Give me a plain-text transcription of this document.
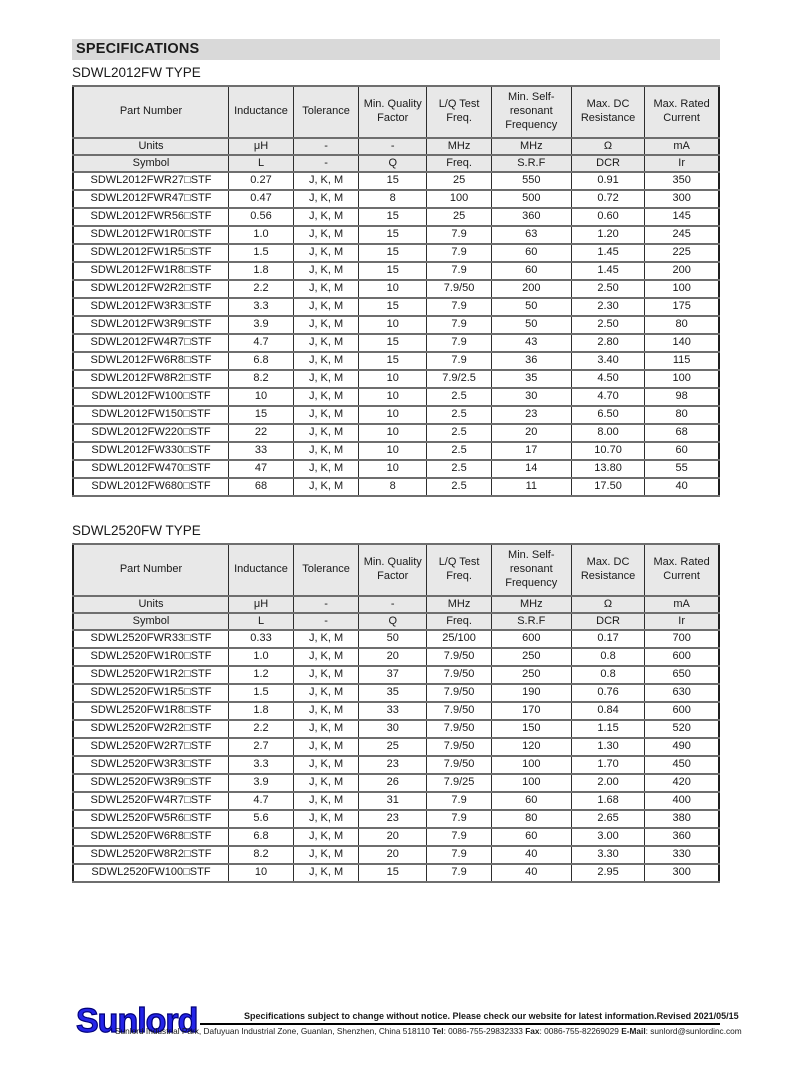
SPECIFICATIONS
SDWL2012FW TYPE
Part Number	Inductance	Tolerance	Min. Quality Factor	L/Q Test Freq.	Min. Self-resonant Frequency	Max. DC Resistance	Max. Rated Current
Units	μH	-	-	MHz	MHz	Ω	mA
Symbol	L	-	Q	Freq.	S.R.F	DCR	Ir
SDWL2012FWR27□STF	0.27	J, K, M	15	25	550	0.91	350
SDWL2012FWR47□STF	0.47	J, K, M	8	100	500	0.72	300
SDWL2012FWR56□STF	0.56	J, K, M	15	25	360	0.60	145
SDWL2012FW1R0□STF	1.0	J, K, M	15	7.9	63	1.20	245
SDWL2012FW1R5□STF	1.5	J, K, M	15	7.9	60	1.45	225
SDWL2012FW1R8□STF	1.8	J, K, M	15	7.9	60	1.45	200
SDWL2012FW2R2□STF	2.2	J, K, M	10	7.9/50	200	2.50	100
SDWL2012FW3R3□STF	3.3	J, K, M	15	7.9	50	2.30	175
SDWL2012FW3R9□STF	3.9	J, K, M	10	7.9	50	2.50	80
SDWL2012FW4R7□STF	4.7	J, K, M	15	7.9	43	2.80	140
SDWL2012FW6R8□STF	6.8	J, K, M	15	7.9	36	3.40	115
SDWL2012FW8R2□STF	8.2	J, K, M	10	7.9/2.5	35	4.50	100
SDWL2012FW100□STF	10	J, K, M	10	2.5	30	4.70	98
SDWL2012FW150□STF	15	J, K, M	10	2.5	23	6.50	80
SDWL2012FW220□STF	22	J, K, M	10	2.5	20	8.00	68
SDWL2012FW330□STF	33	J, K, M	10	2.5	17	10.70	60
SDWL2012FW470□STF	47	J, K, M	10	2.5	14	13.80	55
SDWL2012FW680□STF	68	J, K, M	8	2.5	11	17.50	40
SDWL2520FW TYPE
Part Number	Inductance	Tolerance	Min. Quality Factor	L/Q Test Freq.	Min. Self-resonant Frequency	Max. DC Resistance	Max. Rated Current
Units	μH	-	-	MHz	MHz	Ω	mA
Symbol	L	-	Q	Freq.	S.R.F	DCR	Ir
SDWL2520FWR33□STF	0.33	J, K, M	50	25/100	600	0.17	700
SDWL2520FW1R0□STF	1.0	J, K, M	20	7.9/50	250	0.8	600
SDWL2520FW1R2□STF	1.2	J, K, M	37	7.9/50	250	0.8	650
SDWL2520FW1R5□STF	1.5	J, K, M	35	7.9/50	190	0.76	630
SDWL2520FW1R8□STF	1.8	J, K, M	33	7.9/50	170	0.84	600
SDWL2520FW2R2□STF	2.2	J, K, M	30	7.9/50	150	1.15	520
SDWL2520FW2R7□STF	2.7	J, K, M	25	7.9/50	120	1.30	490
SDWL2520FW3R3□STF	3.3	J, K, M	23	7.9/50	100	1.70	450
SDWL2520FW3R9□STF	3.9	J, K, M	26	7.9/25	100	2.00	420
SDWL2520FW4R7□STF	4.7	J, K, M	31	7.9	60	1.68	400
SDWL2520FW5R6□STF	5.6	J, K, M	23	7.9	80	2.65	380
SDWL2520FW6R8□STF	6.8	J, K, M	20	7.9	60	3.00	360
SDWL2520FW8R2□STF	8.2	J, K, M	20	7.9	40	3.30	330
SDWL2520FW100□STF	10	J, K, M	15	7.9	40	2.95	300
Sunlord	Specifications subject to change without notice. Please check our website for latest information. Revised 2021/05/15
Sunlord Industrial Park, Dafuyuan Industrial Zone, Guanlan, Shenzhen, China 518110 Tel: 0086-755-29832333 Fax: 0086-755-82269029 E-Mail: sunlord@sunlordinc.com
